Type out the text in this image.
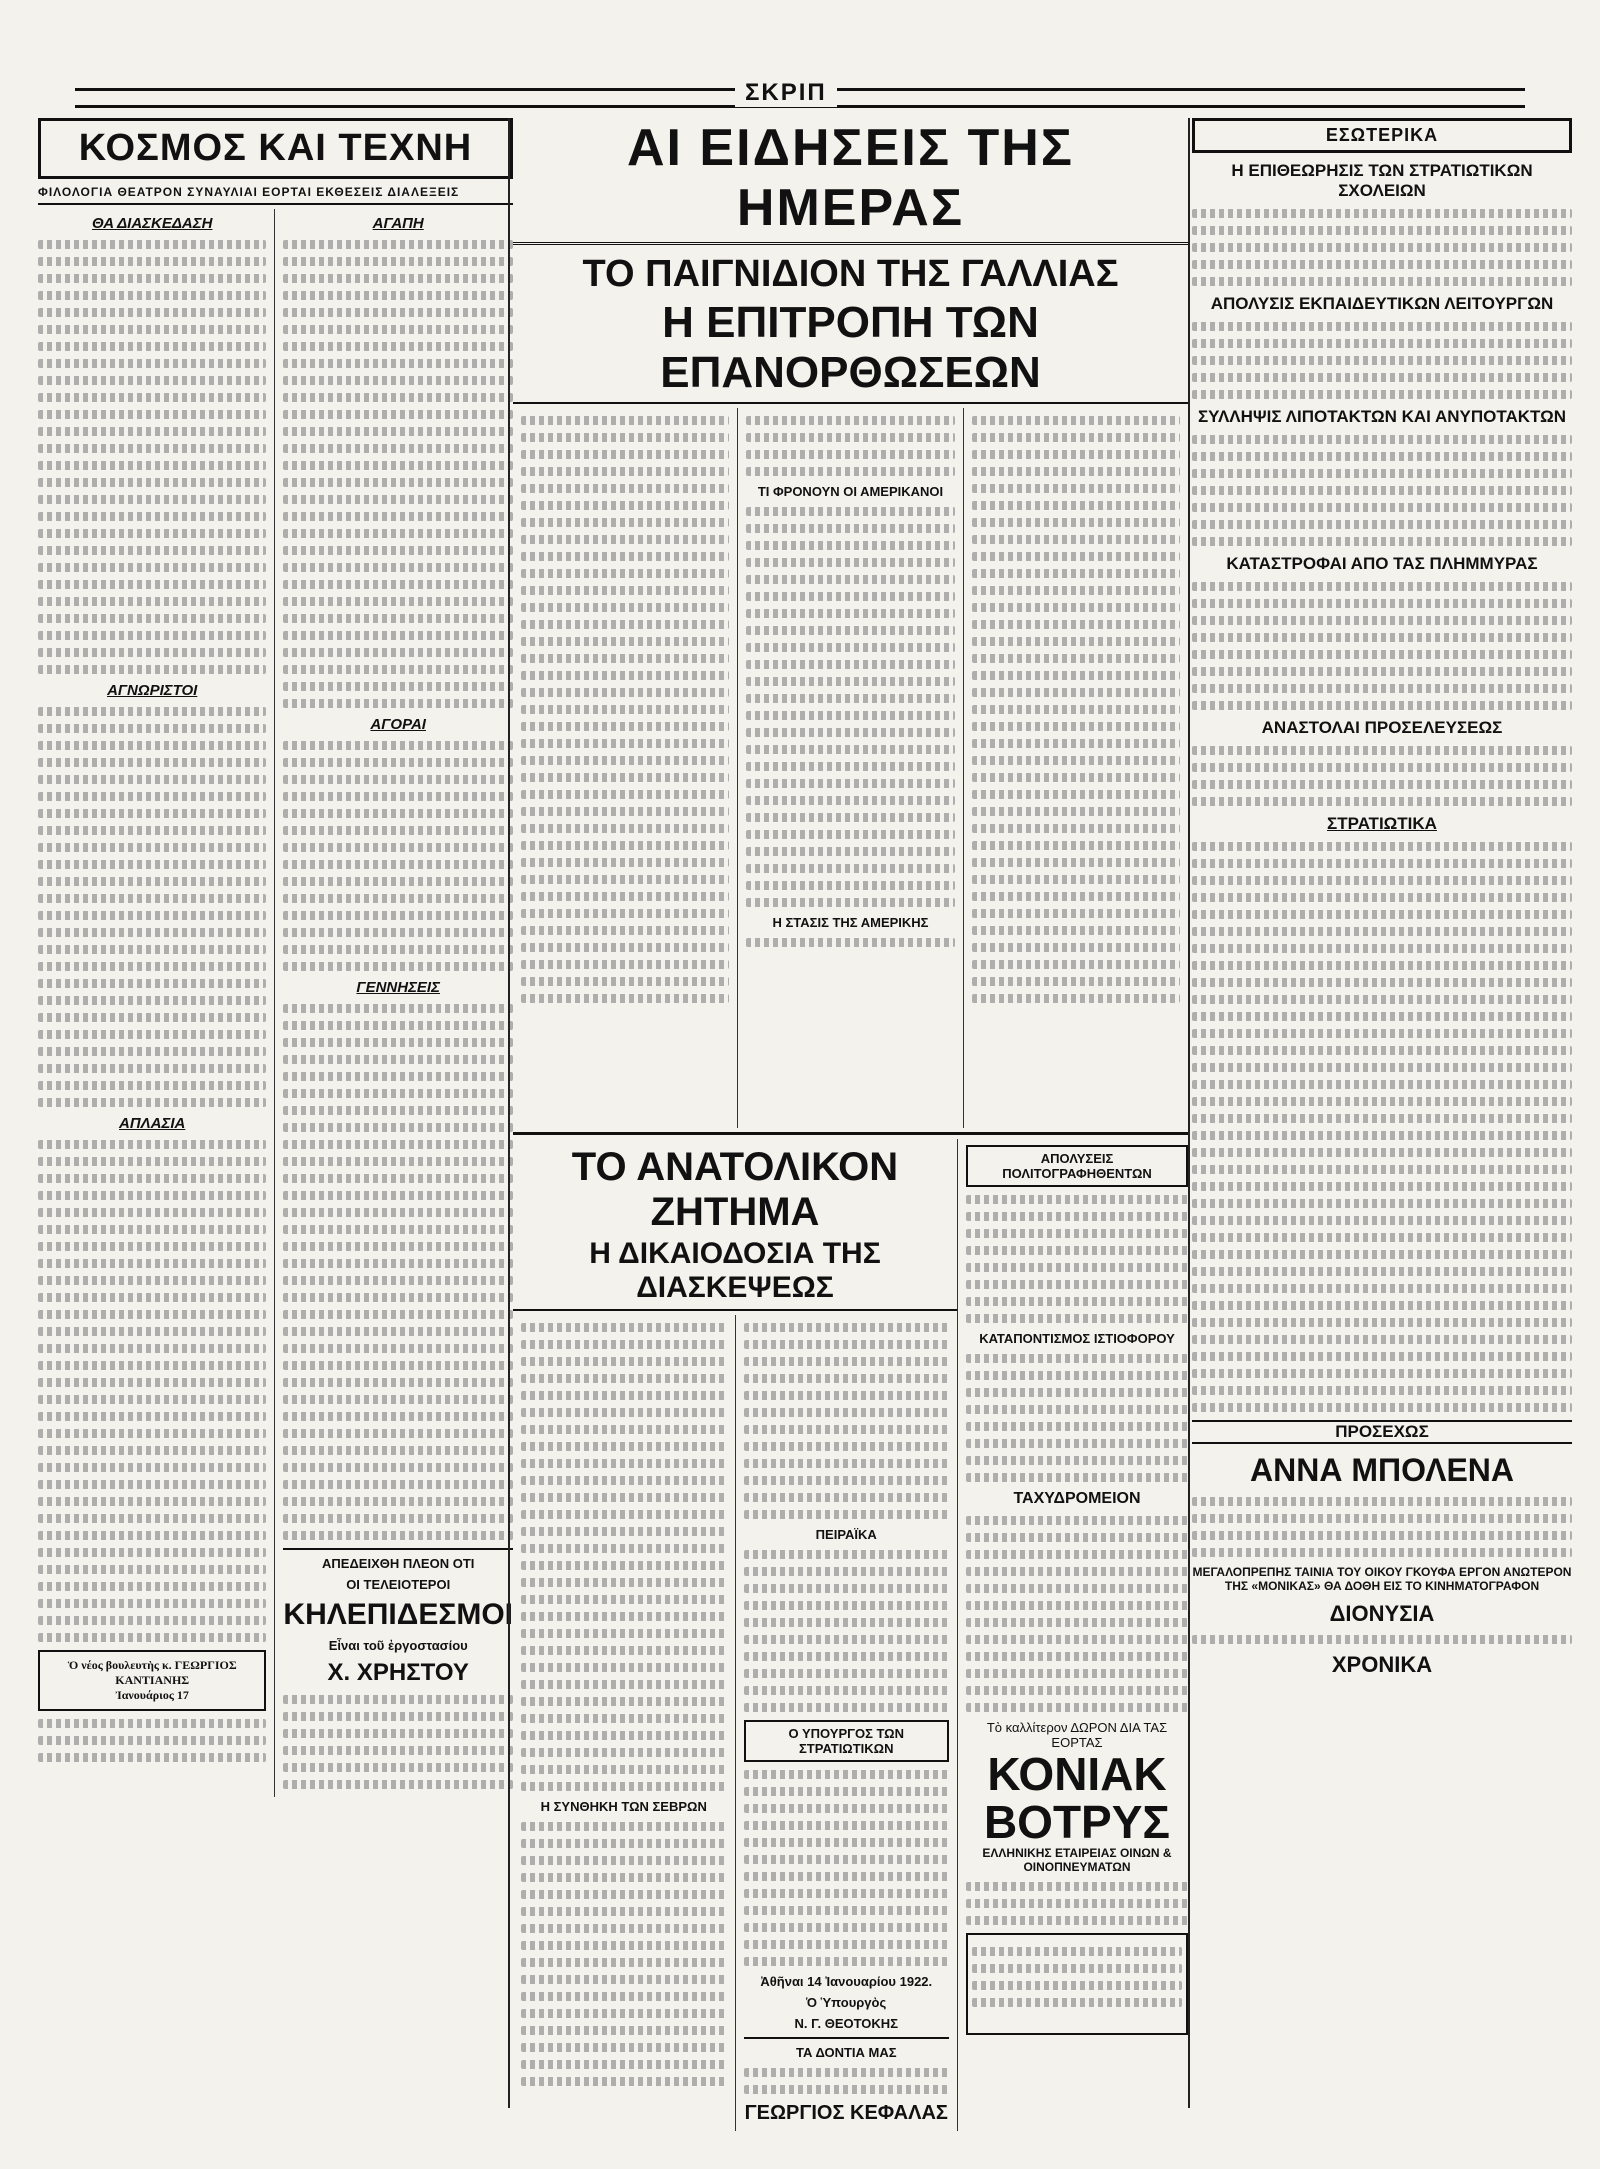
ΣΚΡΙΠ
ΚΟΣΜΟΣ ΚΑΙ ΤΕΧΝΗ
ΦΙΛΟΛΟΓΙΑ ΘΕΑΤΡΟΝ ΣΥΝΑΥΛΙΑΙ ΕΟΡΤΑΙ ΕΚΘΕΣΕΙΣ ΔΙΑΛΕΞΕΙΣ
ΘΑ ΔΙΑΣΚΕΔΑΣΗ
ΑΓΝΩΡΙΣΤΟΙ
ΑΠΛΑΣΙΑ
Ὁ νέος βουλευτὴς κ. ΓΕΩΡΓΙΟΣ ΚΑΝΤΙΑΝΗΣ
Ἰανουάριος 17
ΑΓΑΠΗ
ΑΓΟΡΑΙ
ΓΕΝΝΗΣΕΙΣ
ΑΠΕΔΕΙΧΘΗ ΠΛΕΟΝ ΟΤΙ
ΟΙ ΤΕΛΕΙΟΤΕΡΟΙ
ΚΗΛΕΠΙΔΕΣΜΟΙ
Εἶναι τοῦ ἐργοστασίου
Χ. ΧΡΗΣΤΟΥ
ΑΙ ΕΙΔΗΣΕΙΣ ΤΗΣ ΗΜΕΡΑΣ
ΤΟ ΠΑΙΓΝΙΔΙΟΝ ΤΗΣ ΓΑΛΛΙΑΣ
Η ΕΠΙΤΡΟΠΗ ΤΩΝ ΕΠΑΝΟΡΘΩΣΕΩΝ
ΤΙ ΦΡΟΝΟΥΝ ΟΙ ΑΜΕΡΙΚΑΝΟΙ
Η ΣΤΑΣΙΣ ΤΗΣ ΑΜΕΡΙΚΗΣ
ΤΟ ΑΝΑΤΟΛΙΚΟΝ ΖΗΤΗΜΑ
Η ΔΙΚΑΙΟΔΟΣΙΑ ΤΗΣ ΔΙΑΣΚΕΨΕΩΣ
Η ΣΥΝΘΗΚΗ ΤΩΝ ΣΕΒΡΩΝ
ΠΕΙΡΑΪΚΑ
Ο ΥΠΟΥΡΓΟΣ ΤΩΝ ΣΤΡΑΤΙΩΤΙΚΩΝ
Ἀθῆναι 14 Ἰανουαρίου 1922.
Ὁ Ὑπουργὸς
Ν. Γ. ΘΕΟΤΟΚΗΣ
ΤΑ ΔΟΝΤΙΑ ΜΑΣ
ΓΕΩΡΓΙΟΣ ΚΕΦΑΛΑΣ
ΑΠΟΛΥΣΕΙΣ ΠΟΛΙΤΟΓΡΑΦΗΘΕΝΤΩΝ
ΚΑΤΑΠΟΝΤΙΣΜΟΣ ΙΣΤΙΟΦΟΡΟΥ
ΤΑΧΥΔΡΟΜΕΙΟΝ
Τὸ καλλίτερον ΔΩΡΟΝ ΔΙΑ ΤΑΣ ΕΟΡΤΑΣ
ΚΟΝΙΑΚ
ΒΟΤΡΥΣ
ΕΛΛΗΝΙΚΗΣ ΕΤΑΙΡΕΙΑΣ ΟΙΝΩΝ & ΟΙΝΟΠΝΕΥΜΑΤΩΝ
ΕΣΩΤΕΡΙΚΑ
Η ΕΠΙΘΕΩΡΗΣΙΣ ΤΩΝ ΣΤΡΑΤΙΩΤΙΚΩΝ ΣΧΟΛΕΙΩΝ
ΑΠΟΛΥΣΙΣ ΕΚΠΑΙΔΕΥΤΙΚΩΝ ΛΕΙΤΟΥΡΓΩΝ
ΣΥΛΛΗΨΙΣ ΛΙΠΟΤΑΚΤΩΝ ΚΑΙ ΑΝΥΠΟΤΑΚΤΩΝ
ΚΑΤΑΣΤΡΟΦΑΙ ΑΠΟ ΤΑΣ ΠΛΗΜΜΥΡΑΣ
ΑΝΑΣΤΟΛΑΙ ΠΡΟΣΕΛΕΥΣΕΩΣ
ΣΤΡΑΤΙΩΤΙΚΑ
ΠΡΟΣΕΧΩΣ
ΑΝΝΑ ΜΠΟΛΕΝΑ
ΜΕΓΑΛΟΠΡΕΠΗΣ ΤΑΙΝΙΑ ΤΟΥ ΟΙΚΟΥ ΓΚΟΥΦΑ ΕΡΓΟΝ ΑΝΩΤΕΡΟΝ ΤΗΣ «ΜΟΝΙΚΑΣ» ΘΑ ΔΟΘΗ ΕΙΣ ΤΟ ΚΙΝΗΜΑΤΟΓΡΑΦΟΝ
ΔΙΟΝΥΣΙΑ
ΧΡΟΝΙΚΑ
